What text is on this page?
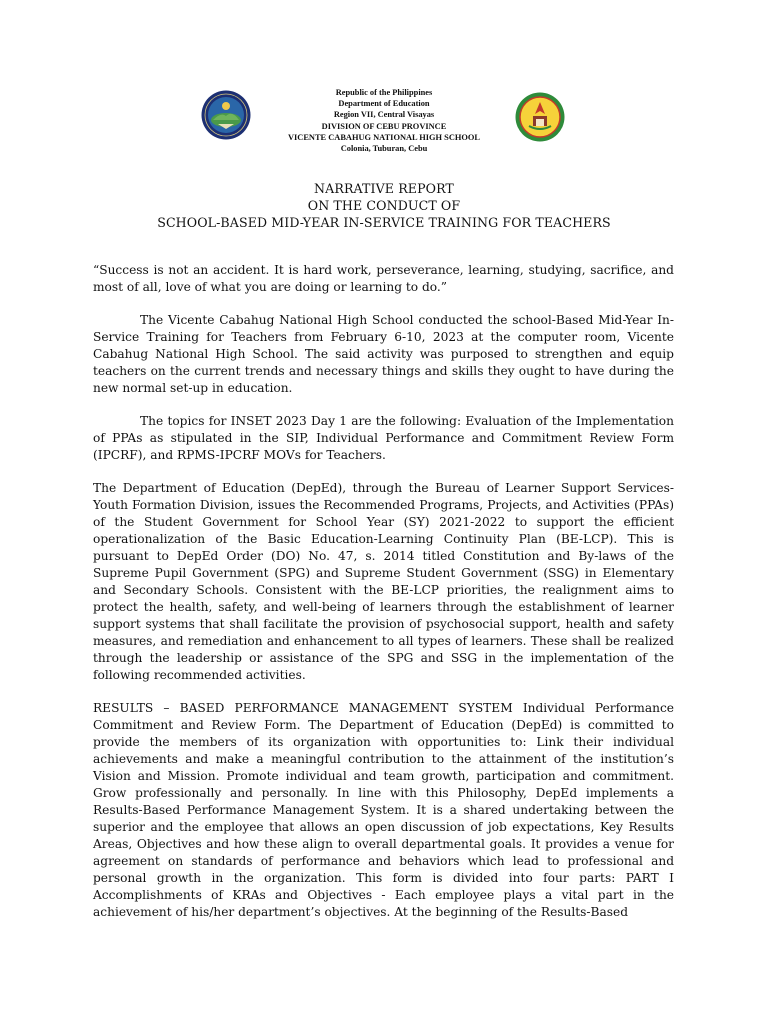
Republic of the Philippines
Department of Education
Region VII, Central Visayas
DIVISION OF CEBU PROVINCE
VICENTE CABAHUG NATIONAL HIGH SCHOOL
Colonia, Tuburan, Cebu
NARRATIVE REPORT
ON THE CONDUCT OF
SCHOOL-BASED MID-YEAR IN-SERVICE TRAINING FOR TEACHERS

“Success is not an accident. It is hard work, perseverance, learning, studying, sacrifice, and most of all, love of what you are doing or learning to do.”

The Vicente Cabahug National High School conducted the school-Based Mid-Year In-Service Training for Teachers from February 6-10, 2023 at the computer room, Vicente Cabahug National High School. The said activity was purposed to strengthen and equip teachers on the current trends and necessary things and skills they ought to have during the new normal set-up in education.

The topics for INSET 2023 Day 1 are the following: Evaluation of the Implementation of PPAs as stipulated in the SIP, Individual Performance and Commitment Review Form (IPCRF), and RPMS-IPCRF MOVs for Teachers.

The Department of Education (DepEd), through the Bureau of Learner Support Services-Youth Formation Division, issues the Recommended Programs, Projects, and Activities (PPAs) of the Student Government for School Year (SY) 2021-2022 to support the efficient operationalization of the Basic Education-Learning Continuity Plan (BE-LCP). This is pursuant to DepEd Order (DO) No. 47, s. 2014 titled Constitution and By-laws of the Supreme Pupil Government (SPG) and Supreme Student Government (SSG) in Elementary and Secondary Schools. Consistent with the BE-LCP priorities, the realignment aims to protect the health, safety, and well-being of learners through the establishment of learner support systems that shall facilitate the provision of psychosocial support, health and safety measures, and remediation and enhancement to all types of learners. These shall be realized through the leadership or assistance of the SPG and SSG in the implementation of the following recommended activities.

RESULTS – BASED PERFORMANCE MANAGEMENT SYSTEM Individual Performance Commitment and Review Form. The Department of Education (DepEd) is committed to provide the members of its organization with opportunities to: Link their individual achievements and make a meaningful contribution to the attainment of the institution’s Vision and Mission. Promote individual and team growth, participation and commitment. Grow professionally and personally. In line with this Philosophy, DepEd implements a Results-Based Performance Management System. It is a shared undertaking between the superior and the employee that allows an open discussion of job expectations, Key Results Areas, Objectives and how these align to overall departmental goals. It provides a venue for agreement on standards of performance and behaviors which lead to professional and personal growth in the organization. This form is divided into four parts: PART I Accomplishments of KRAs and Objectives - Each employee plays a vital part in the achievement of his/her department’s objectives. At the beginning of the Results-Based
